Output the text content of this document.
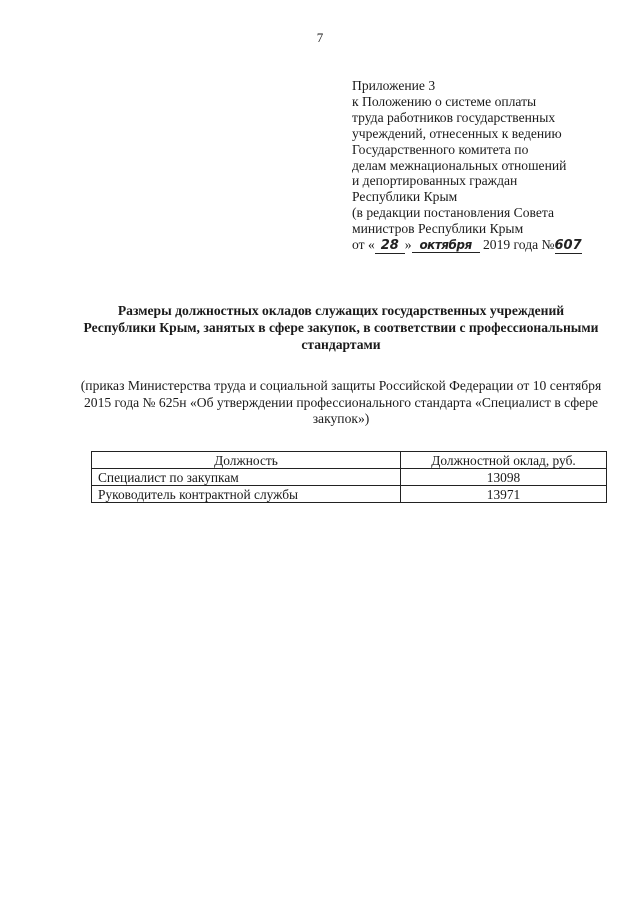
7
Приложение 3
к Положению о системе оплаты
труда работников государственных
учреждений, отнесенных к ведению
Государственного комитета по
делам межнациональных отношений
и депортированных граждан
Республики Крым
(в редакции постановления Совета
министров Республики Крым
от « 28 » октября 2019 года №607
Размеры должностных окладов служащих государственных учреждений Республики Крым, занятых в сфере закупок, в соответствии с профессиональными стандартами
(приказ Министерства труда и социальной защиты Российской Федерации от 10 сентября 2015 года № 625н «Об утверждении профессионального стандарта «Специалист в сфере закупок»)
Должность	Должностной оклад, руб.
Специалист по закупкам	13098
Руководитель контрактной службы	13971
